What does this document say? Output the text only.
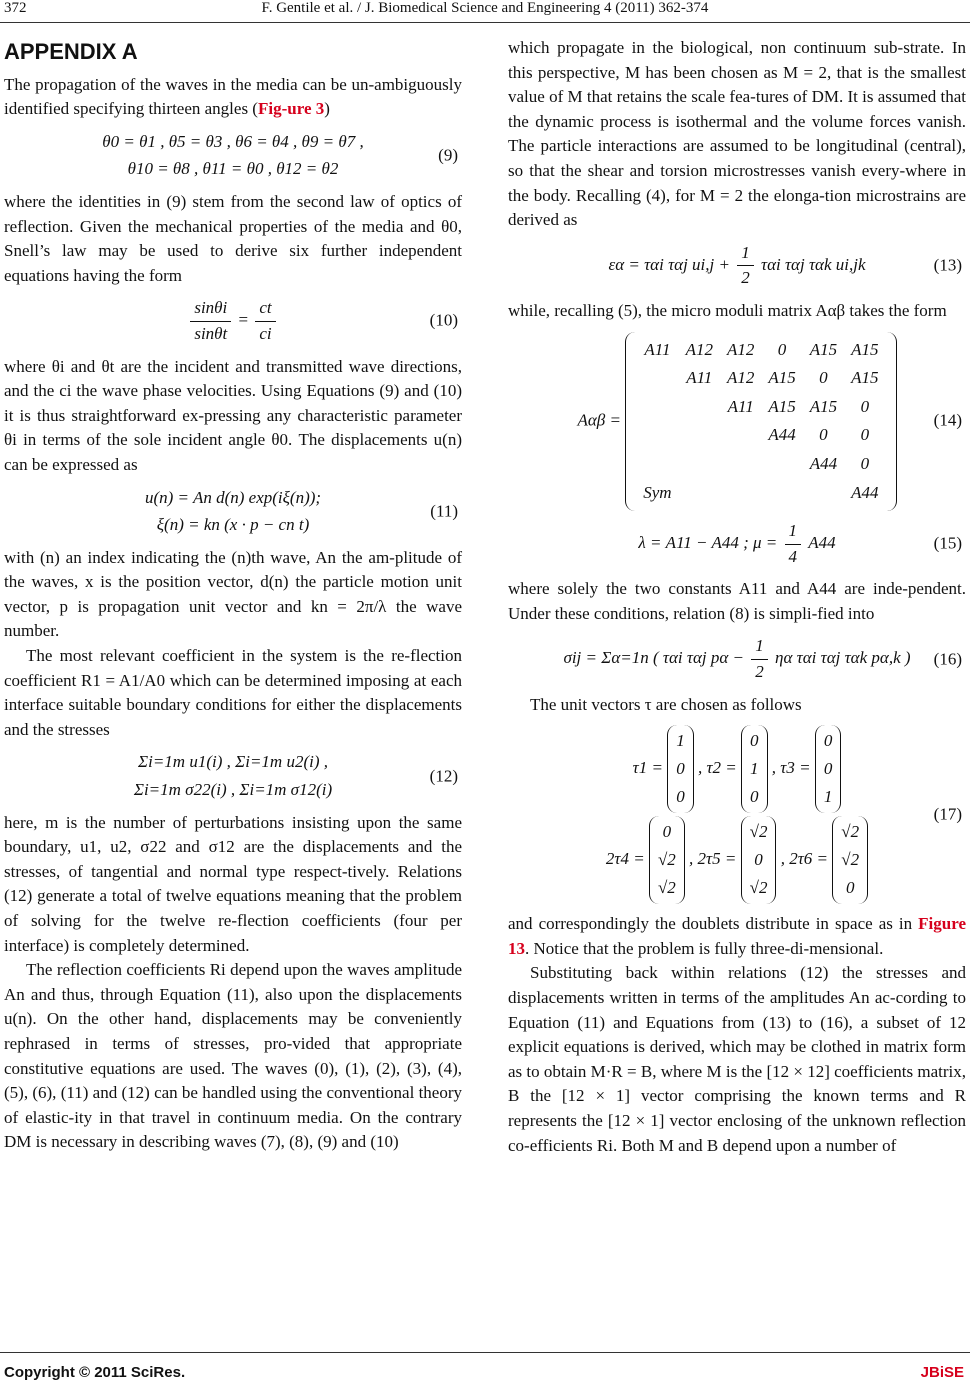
372	F. Gentile et al. / J. Biomedical Science and Engineering 4 (2011) 362-374
APPENDIX A

The propagation of the waves in the media can be un-ambiguously identified specifying thirteen angles (Fig-ure 3)

θ0 = θ1 , θ5 = θ3 , θ6 = θ4 , θ9 = θ7 ,
θ10 = θ8 , θ11 = θ0 , θ12 = θ2
(9)

where the identities in (9) stem from the second law of optics of reflection. Given the mechanical properties of the media and θ0, Snell’s law may be used to derive six further independent equations having the form

$\frac{\sin\theta i}{\sin\theta t} = \frac{ct}{ci}$	(10)

where θi and θt are the incident and transmitted wave directions, and the ci the wave phase velocities. Using Equations (9) and (10) it is thus straightforward ex-pressing any characteristic parameter θi in terms of the sole incident angle θ0. The displacements u(n) can be expressed as

u(n) = An d(n) exp(iξ(n));
ξ(n) = kn (x · p − cn t)
(11)

with (n) an index indicating the (n)th wave, An the am-plitude of the waves, x is the position vector, d(n) the particle motion unit vector, p is propagation unit vector and kn = 2π/λ the wave number.

The most relevant coefficient in the system is the re-flection coefficient R1 = A1/A0 which can be determined imposing at each interface suitable boundary conditions for either the displacements and the stresses

Σi=1m u1(i) , Σi=1m u2(i) ,
Σi=1m σ22(i) , Σi=1m σ12(i)
(12)

here, m is the number of perturbations insisting upon the same boundary, u1, u2, σ22 and σ12 are the displacements and the stresses, of tangential and normal type respect-tively. Relations (12) generate a total of twelve equations meaning that the problem of solving for the twelve re-flection coefficients (four per interface) is completely determined.

The reflection coefficients Ri depend upon the waves amplitude An and thus, through Equation (11), also upon the displacements u(n). On the other hand, displacements may be conveniently rephrased in terms of stresses, pro-vided that appropriate constitutive equations are used. The waves (0), (1), (2), (3), (4), (5), (6), (11) and (12) can be handled using the conventional theory of elastic-ity in that travel in continuum media. On the contrary DM is necessary in describing waves (7), (8), (9) and (10)

which propagate in the biological, non continuum sub-strate. In this perspective, M has been chosen as M = 2, that is the smallest value of M that retains the scale fea-tures of DM. It is assumed that the dynamic process is isothermal and the volume forces vanish. The particle interactions are assumed to be longitudinal (central), so that the shear and torsion microstresses vanish every-where in the body. Recalling (4), for M = 2 the elonga-tion microstrains are derived as

εα = ταi ταj $ui,j + \frac{1}{2}$ ταi ταj ταk ui,jk	(13)

while, recalling (5), the micro moduli matrix Aαβ takes the form

Aαβ =
A11	A12	A12	0	A15	A15
	A11	A12	A15	0	A15
		A11	A15	A15	0
			A44	0	0
				A44	0
Sym					A44
(14)
λ = A11 − A44 ; $\mu = \frac{1}{4} A44$	(15)

where solely the two constants A11 and A44 are inde-pendent. Under these conditions, relation (8) is simpli-fied into

σij = Σα=1n ( ταi ταj $p\alpha - \frac{1}{2}$ ηα ταi ταj ταk pα,k )	(16)

The unit vectors τ are chosen as follows

τ1 =
1
0
0
, τ2 =
0
1
0
, τ3 =
0
0
1
2τ4 =
0
√2
√2
, 2τ5 =
√2
0
√2
, 2τ6 =
√2
√2
0
(17)

and correspondingly the doublets distribute in space as in Figure 13. Notice that the problem is fully three-di-mensional.

Substituting back within relations (12) the stresses and displacements written in terms of the amplitudes An ac-cording to Equation (11) and Equations from (13) to (16), a subset of 12 explicit equations is derived, which may be clothed in matrix form as to obtain M·R = B, where M is the [12 × 12] coefficients matrix, B the [12 × 1] vector comprising the known terms and R represents the [12 × 1] vector enclosing of the unknown reflection co-efficients Ri. Both M and B depend upon a number of

Copyright © 2011 SciRes.	JBiSE
